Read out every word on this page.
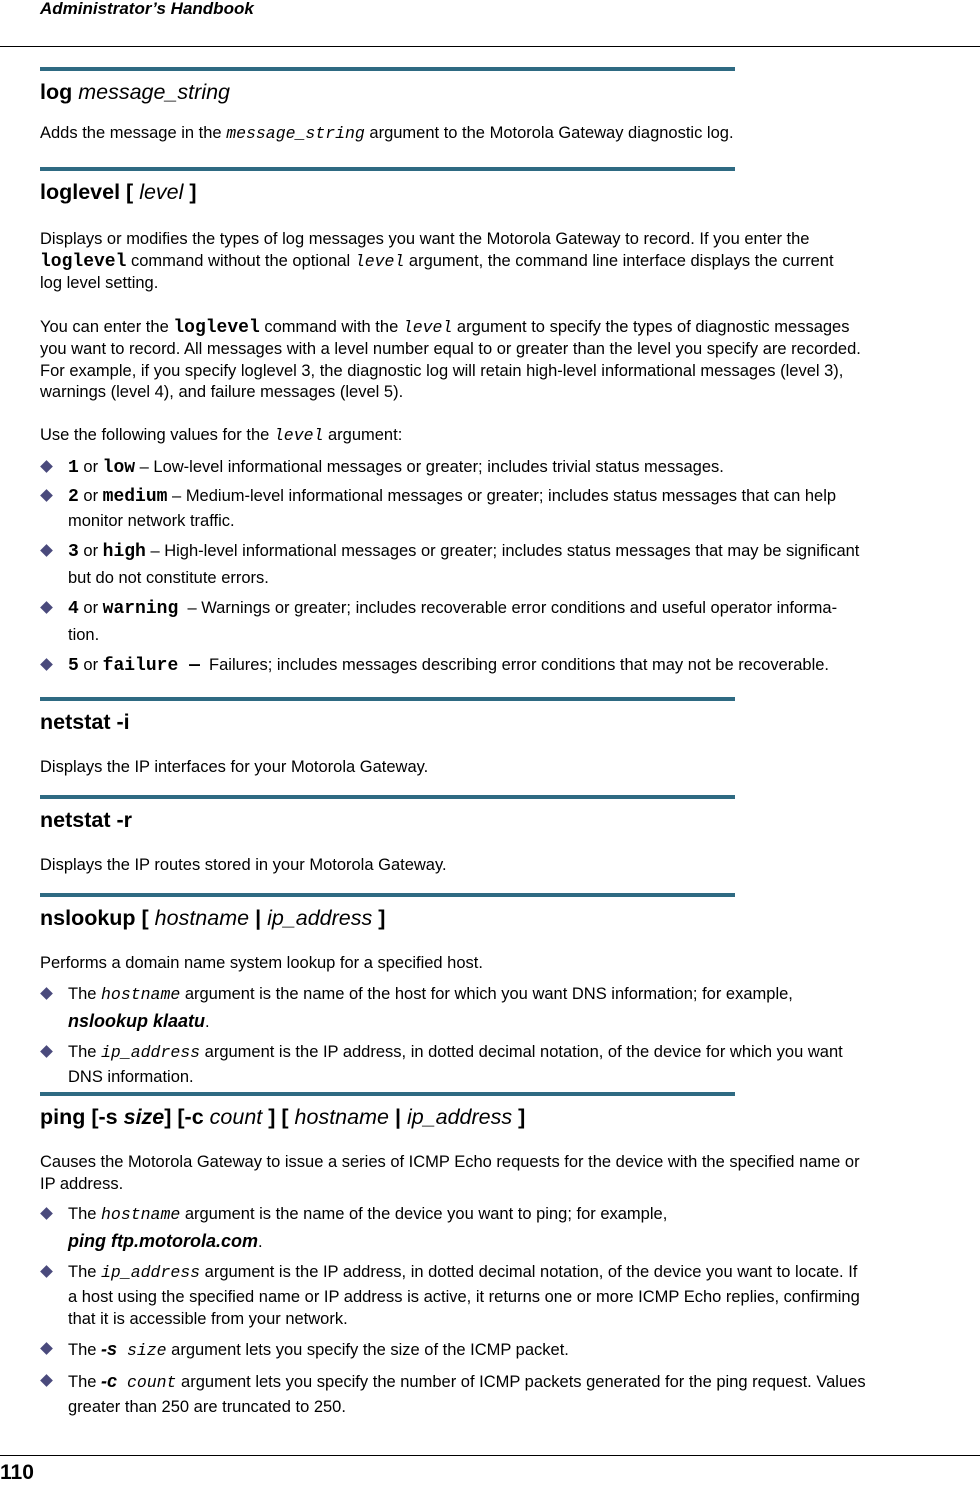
Administrator’s Handbook
log message_string

Adds the message in the message_string argument to the Motorola Gateway diagnostic log.

loglevel [ level ]

Displays or modifies the types of log messages you want the Motorola Gateway to record. If you enter the

loglevel command without the optional level argument, the command line interface displays the current

log level setting.

You can enter the loglevel command with the level argument to specify the types of diagnostic messages

you want to record. All messages with a level number equal to or greater than the level you specify are recorded.

For example, if you specify loglevel 3, the diagnostic log will retain high-level informational messages (level 3),

warnings (level 4), and failure messages (level 5).

Use the following values for the level argument:

1 or low – Low-level informational messages or greater; includes trivial status messages.
2 or medium – Medium-level informational messages or greater; includes status messages that can help
monitor network traffic.
3 or high – High-level informational messages or greater; includes status messages that may be significant
but do not constitute errors.
4 or warning  – Warnings or greater; includes recoverable error conditions and useful operator informa-
tion.
5 or failure —  Failures; includes messages describing error conditions that may not be recoverable.
netstat -i

Displays the IP interfaces for your Motorola Gateway.

netstat -r

Displays the IP routes stored in your Motorola Gateway.

nslookup [ hostname | ip_address ]

Performs a domain name system lookup for a specified host.

The hostname argument is the name of the host for which you want DNS information; for example,
nslookup klaatu.
The ip_address argument is the IP address, in dotted decimal notation, of the device for which you want
DNS information.
ping [-s size] [-c count ] [ hostname | ip_address ]

Causes the Motorola Gateway to issue a series of ICMP Echo requests for the device with the specified name or

IP address.

The hostname argument is the name of the device you want to ping; for example,
ping ftp.motorola.com.
The ip_address argument is the IP address, in dotted decimal notation, of the device you want to locate. If
a host using the specified name or IP address is active, it returns one or more ICMP Echo replies, confirming
that it is accessible from your network.
The -s size argument lets you specify the size of the ICMP packet.
The -c count argument lets you specify the number of ICMP packets generated for the ping request. Values
greater than 250 are truncated to 250.
110
